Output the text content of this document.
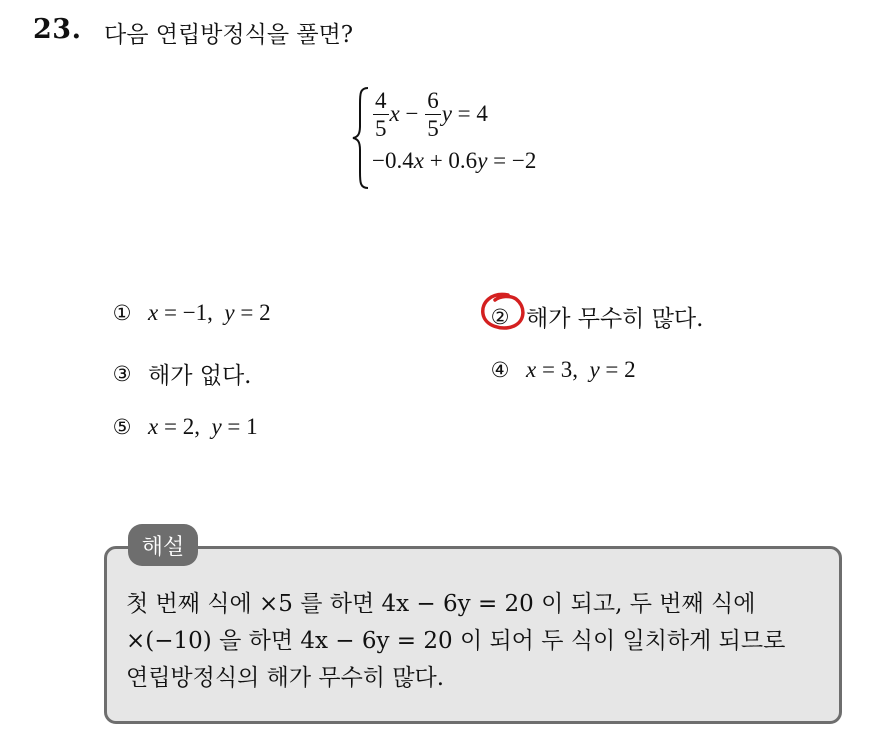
23. 다음 연립방정식을 풀면?
$\frac{4}{5}$ $x - \frac{6}{5}$ y = 4
−0.4x + 0.6y = −2
① x = −1,  y = 2	② 해가 무수히 많다.
③ 해가 없다.	④ x = 3,  y = 2
⑤ x = 2,  y = 1
해설
첫 번째 식에 ×5 를 하면 4x − 6y = 20 이 되고, 두 번째 식에
×(−10) 을 하면 4x − 6y = 20 이 되어 두 식이 일치하게 되므로
연립방정식의 해가 무수히 많다.
